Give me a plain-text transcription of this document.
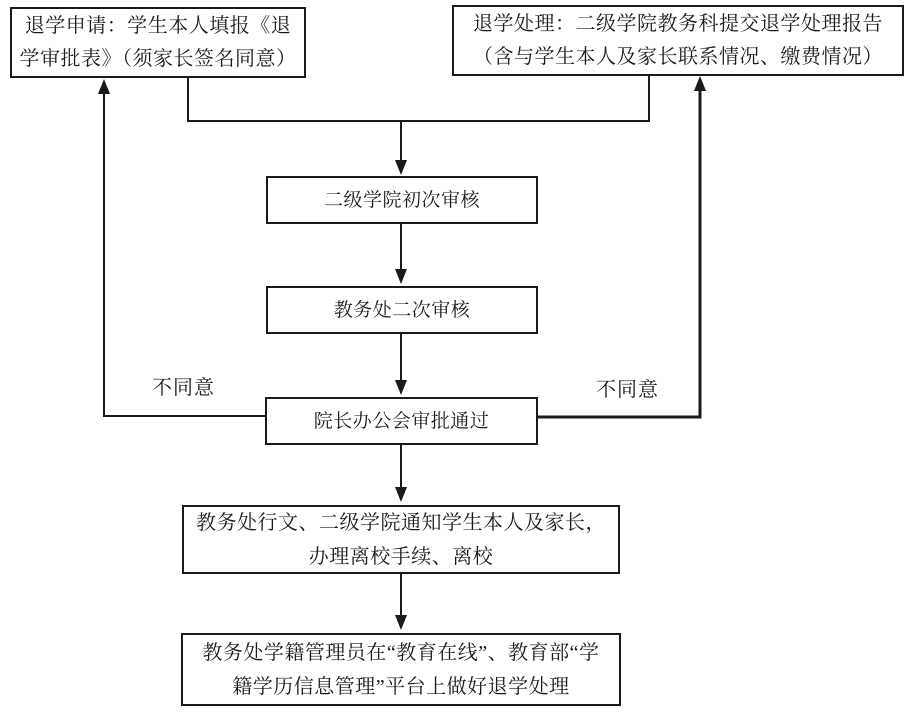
退学申请：学生本人填报《退
学审批表》（须家长签名同意）
退学处理：二级学院教务科提交退学处理报告
（含与学生本人及家长联系情况、缴费情况）
二级学院初次审核
教务处二次审核
院长办公会审批通过
教务处行文、二级学院通知学生本人及家长，
办理离校手续、离校
教务处学籍管理员在“教育在线”、教育部“学
籍学历信息管理”平台上做好退学处理
不同意	不同意
